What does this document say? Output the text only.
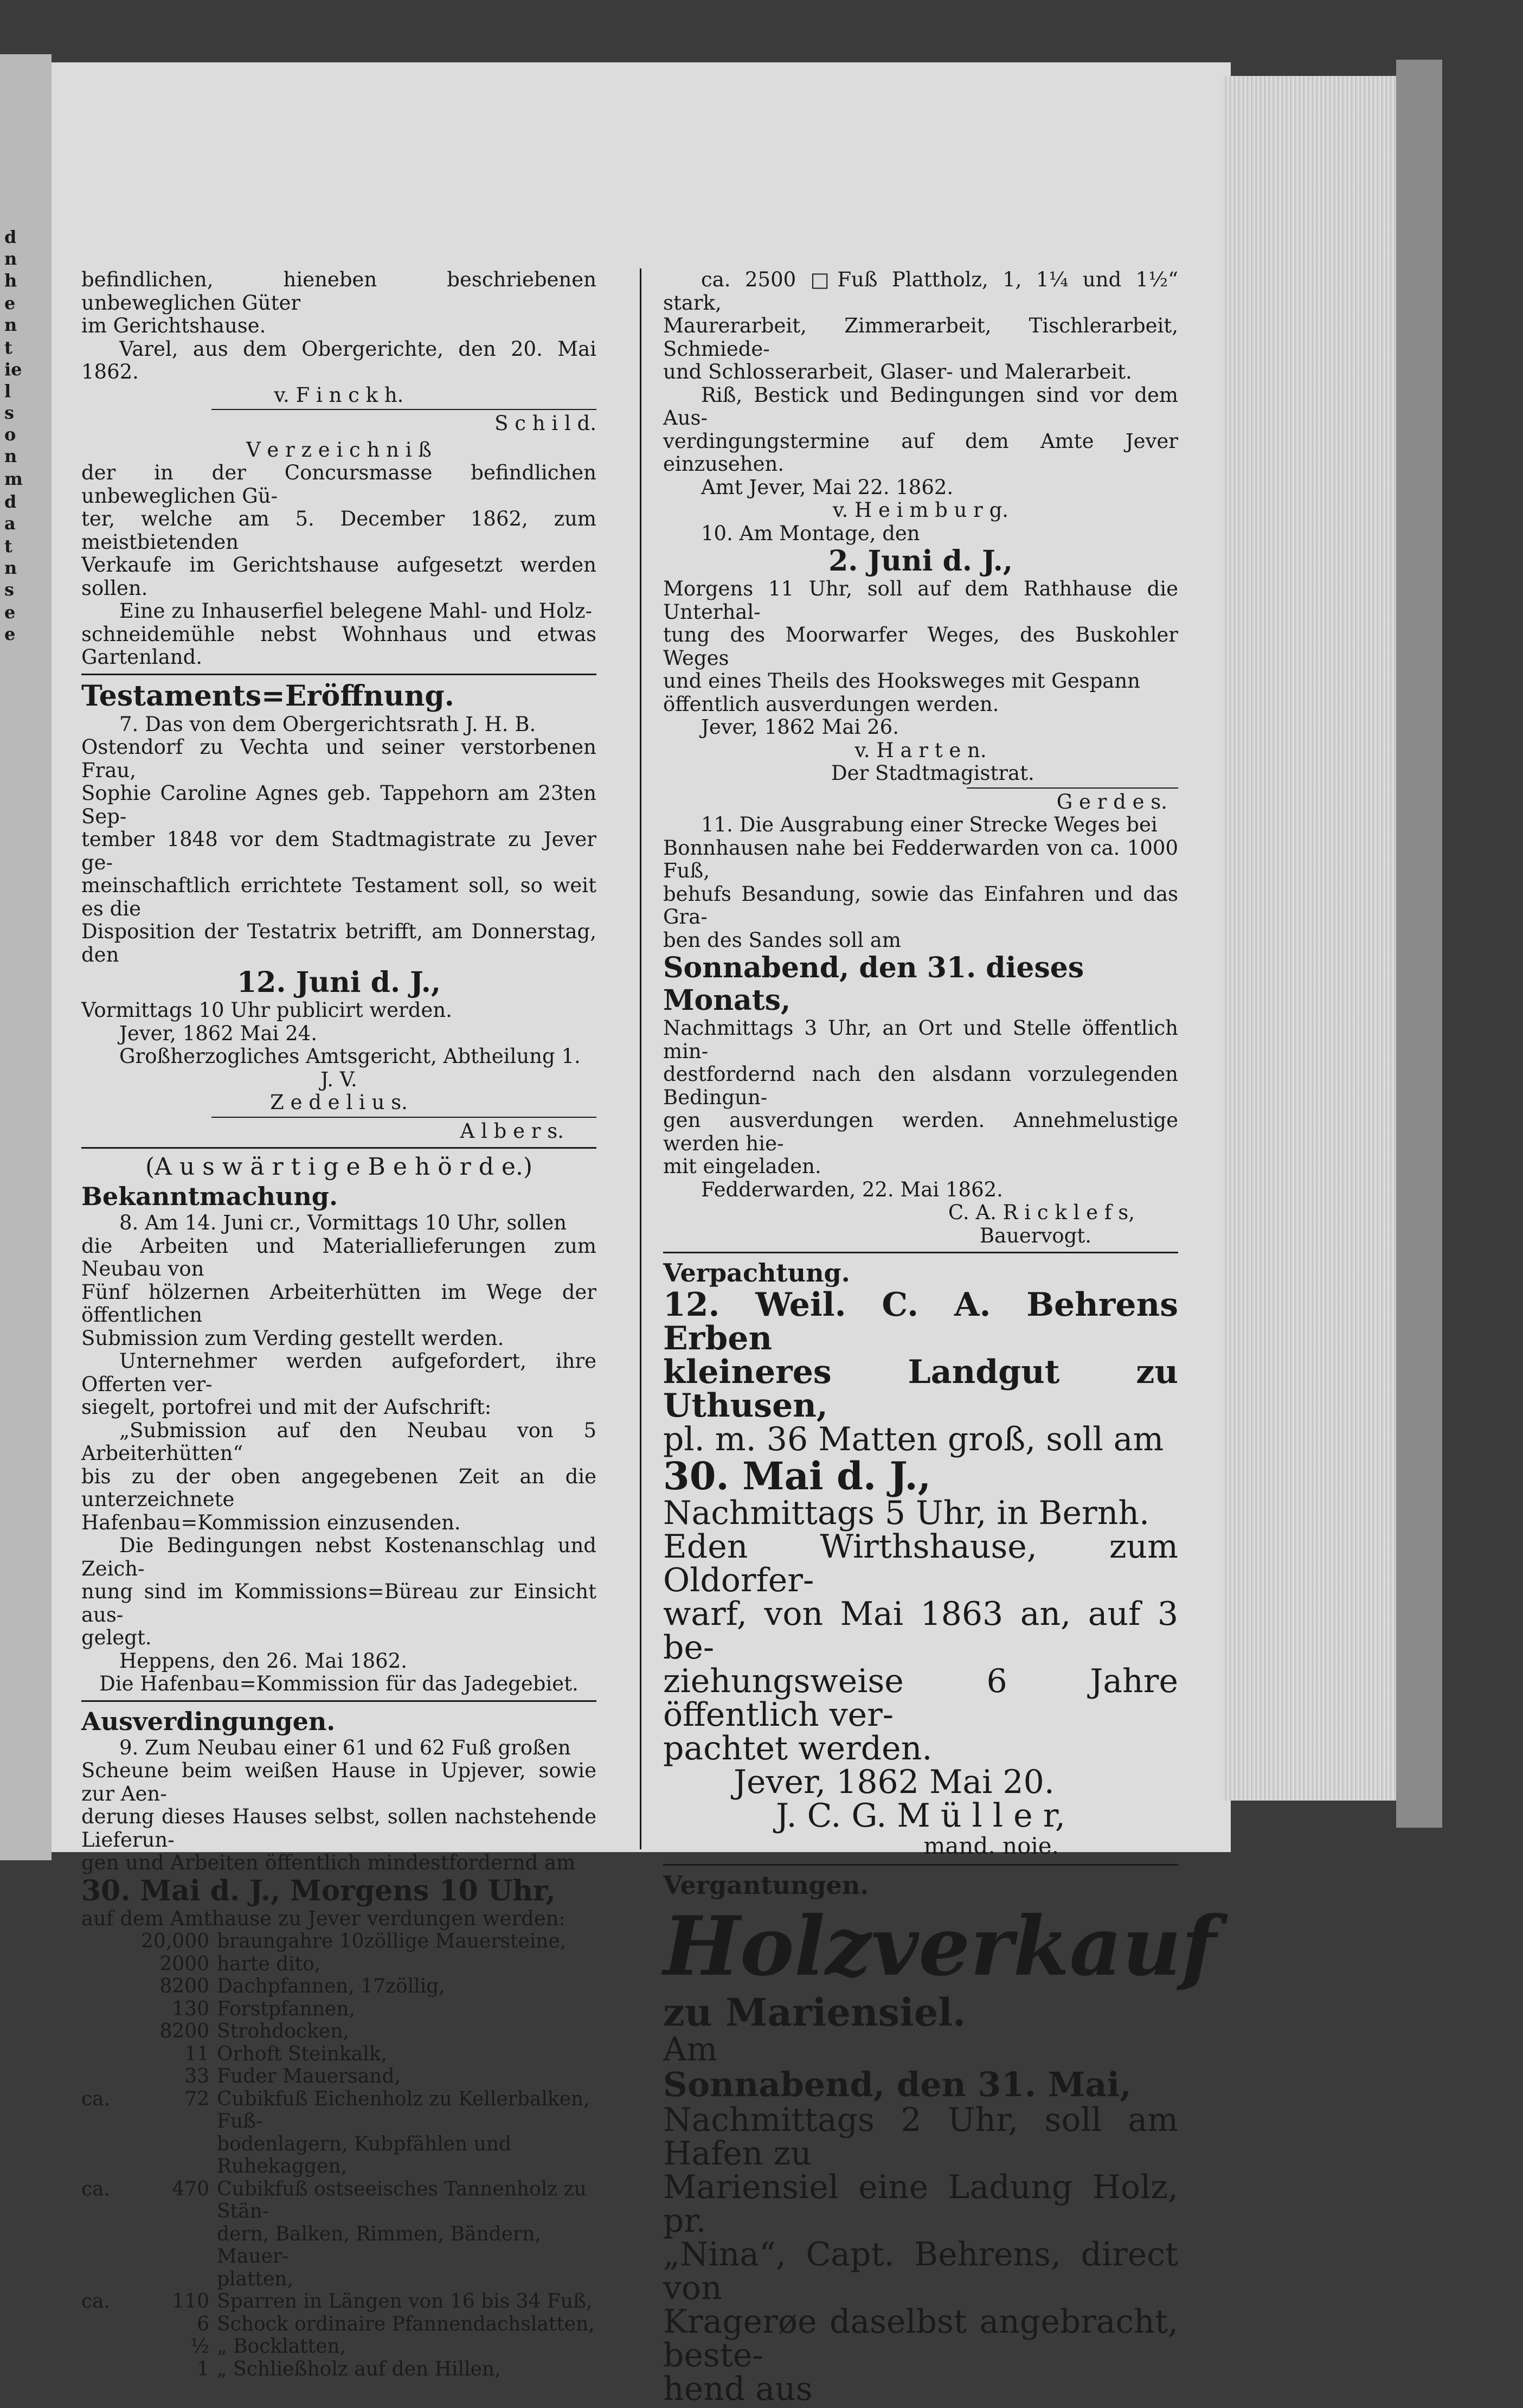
d
n
h
e
n
t
ie
l
s
o
n
m
d
a
t
n
s
e
e

befindlichen, hieneben beschriebenen unbeweglichen Güter

im Gerichtshause.

Varel, aus dem Obergerichte, den 20. Mai 1862.

v. F i n c k h.

S c h i l d.

V e r z e i c h n i ß

der in der Concursmasse befindlichen unbeweglichen Gü-

ter, welche am 5. December 1862, zum meistbietenden

Verkaufe im Gerichtshause aufgesetzt werden sollen.

Eine zu Inhauserfiel belegene Mahl- und Holz-

schneidemühle nebst Wohnhaus und etwas Gartenland.

Testaments=Eröffnung.

7. Das von dem Obergerichtsrath J. H. B.

Ostendorf zu Vechta und seiner verstorbenen Frau,

Sophie Caroline Agnes geb. Tappehorn am 23ten Sep-

tember 1848 vor dem Stadtmagistrate zu Jever ge-

meinschaftlich errichtete Testament soll, so weit es die

Disposition der Testatrix betrifft, am Donnerstag, den

12. Juni d. J.,

Vormittags 10 Uhr publicirt werden.

Jever, 1862 Mai 24.

Großherzogliches Amtsgericht, Abtheilung 1.

J. V.

Z e d e l i u s.

A l b e r s.

(A u s w ä r t i g e B e h ö r d e.)

Bekanntmachung.

8. Am 14. Juni cr., Vormittags 10 Uhr, sollen

die Arbeiten und Materiallieferungen zum Neubau von

Fünf hölzernen Arbeiterhütten im Wege der öffentlichen

Submission zum Verding gestellt werden.

Unternehmer werden aufgefordert, ihre Offerten ver-

siegelt, portofrei und mit der Aufschrift:

„Submission auf den Neubau von 5 Arbeiterhütten“

bis zu der oben angegebenen Zeit an die unterzeichnete

Hafenbau=Kommission einzusenden.

Die Bedingungen nebst Kostenanschlag und Zeich-

nung sind im Kommissions=Büreau zur Einsicht aus-

gelegt.

Heppens, den 26. Mai 1862.

Die Hafenbau=Kommission für das Jadegebiet.

Ausverdingungen.

9. Zum Neubau einer 61 und 62 Fuß großen

Scheune beim weißen Hause in Upjever, sowie zur Aen-

derung dieses Hauses selbst, sollen nachstehende Lieferun-

gen und Arbeiten öffentlich mindestfordernd am

30. Mai d. J., Morgens 10 Uhr,

auf dem Amthause zu Jever verdungen werden:

20,000 braungahre 10zöllige Mauersteine,
2000 harte dito,
8200 Dachpfannen, 17zöllig,
130 Forstpfannen,
8200 Strohdocken,
11 Orhoft Steinkalk,
33 Fuder Mauersand,
ca.	72 Cubikfuß Eichenholz zu Kellerbalken, Fuß-
bodenlagern, Kubpfählen und Ruhekaggen,
ca.	470 Cubikfuß ostseeisches Tannenholz zu Stän-
dern, Balken, Rimmen, Bändern, Mauer-
platten,
ca.	110 Sparren in Längen von 16 bis 34 Fuß,
6 Schock ordinaire Pfannendachslatten,
½ „ Bocklatten,
1 „ Schließholz auf den Hillen,

ca. 2500 □Fuß Plattholz, 1, 1¼ und 1½“ stark,

Maurerarbeit, Zimmerarbeit, Tischlerarbeit, Schmiede-

und Schlosserarbeit, Glaser- und Malerarbeit.

Riß, Bestick und Bedingungen sind vor dem Aus-

verdingungstermine auf dem Amte Jever einzusehen.

Amt Jever, Mai 22. 1862.

v. H e i m b u r g.

10. Am Montage, den

2. Juni d. J.,

Morgens 11 Uhr, soll auf dem Rathhause die Unterhal-

tung des Moorwarfer Weges, des Buskohler Weges

und eines Theils des Hooksweges mit Gespann

öffentlich ausverdungen werden.

Jever, 1862 Mai 26.

v. H a r t e n.

Der Stadtmagistrat.

G e r d e s.

11. Die Ausgrabung einer Strecke Weges bei

Bonnhausen nahe bei Fedderwarden von ca. 1000 Fuß,

behufs Besandung, sowie das Einfahren und das Gra-

ben des Sandes soll am

Sonnabend, den 31. dieses Monats,

Nachmittags 3 Uhr, an Ort und Stelle öffentlich min-

destfordernd nach den alsdann vorzulegenden Bedingun-

gen ausverdungen werden. Annehmelustige werden hie-

mit eingeladen.

Fedderwarden, 22. Mai 1862.

C. A. R i c k l e f s,

Bauervogt.

Verpachtung.

12. Weil. C. A. Behrens Erben

kleineres Landgut zu Uthusen,

pl. m. 36 Matten groß, soll am

30. Mai d. J.,

Nachmittags 5 Uhr, in Bernh.

Eden Wirthshause, zum Oldorfer-

warf, von Mai 1863 an, auf 3 be-

ziehungsweise 6 Jahre öffentlich ver-

pachtet werden.

Jever, 1862 Mai 20.

J. C. G. M ü l l e r,

mand. noie.

Vergantungen.

Holzverkauf

zu Mariensiel.

Am

Sonnabend, den 31. Mai,

Nachmittags 2 Uhr, soll am Hafen zu

Mariensiel eine Ladung Holz, pr.

„Nina“, Capt. Behrens, direct von

Kragerøe daselbst angebracht, beste-

hend aus
